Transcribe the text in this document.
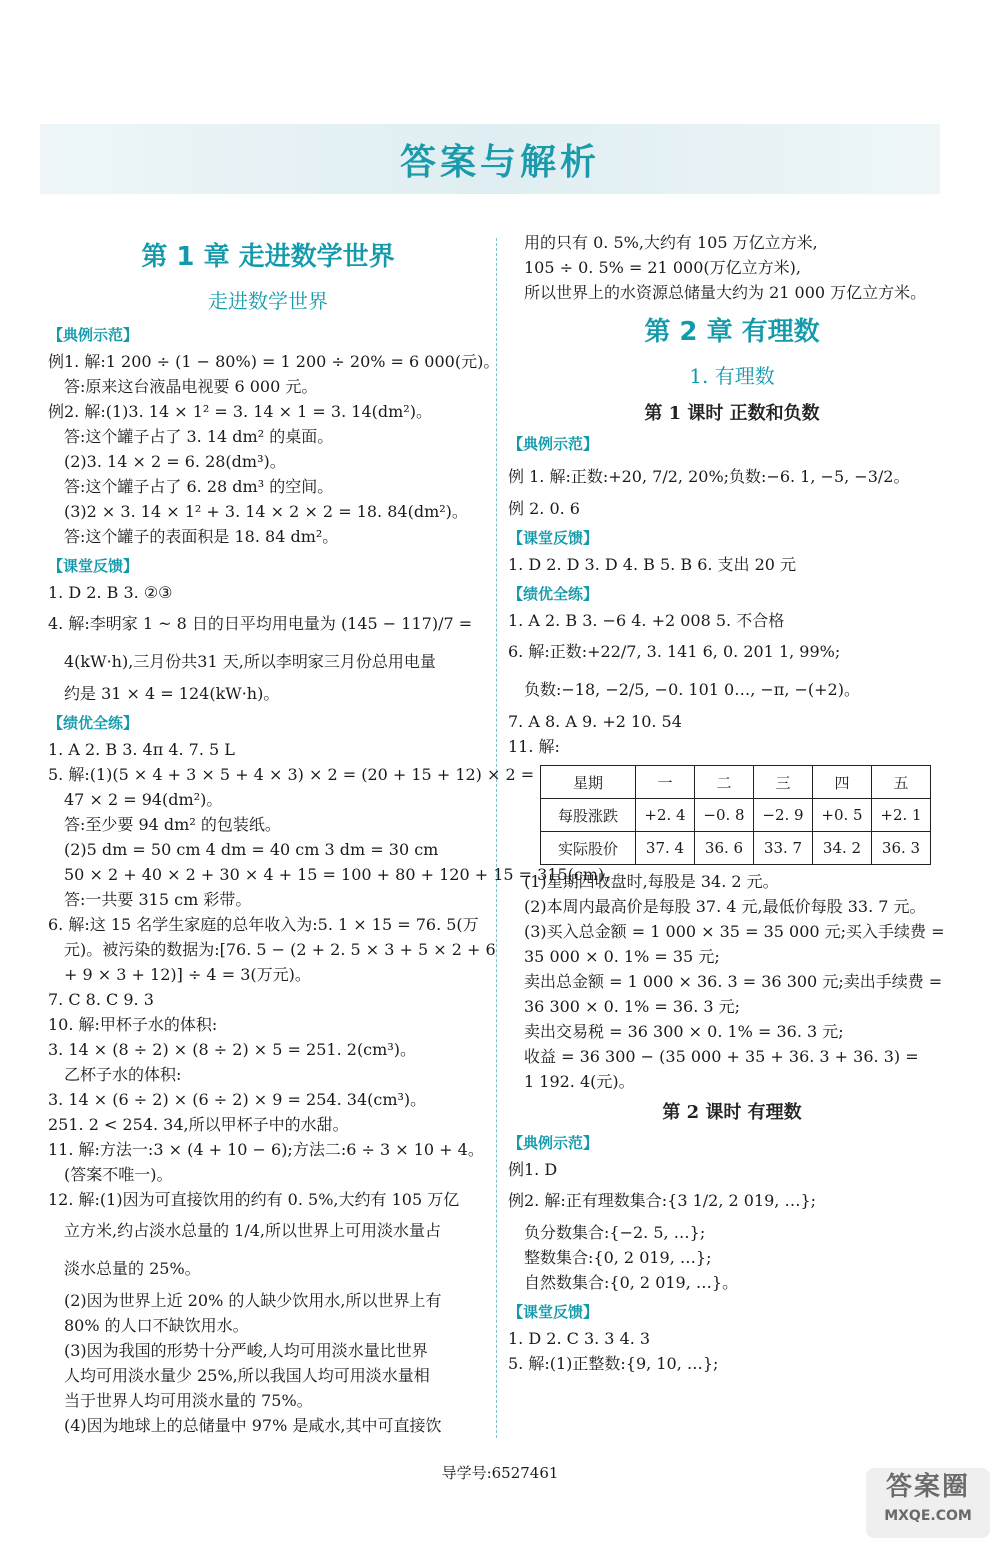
答案与解析
第 1 章 走进数学世界
走进数学世界
【典例示范】
例1. 解:1 200 ÷ (1 − 80%) = 1 200 ÷ 20% = 6 000(元)。
答:原来这台液晶电视要 6 000 元。
例2. 解:(1)3. 14 × 1² = 3. 14 × 1 = 3. 14(dm²)。
答:这个罐子占了 3. 14 dm² 的桌面。
(2)3. 14 × 2 = 6. 28(dm³)。
答:这个罐子占了 6. 28 dm³ 的空间。
(3)2 × 3. 14 × 1² + 3. 14 × 2 × 2 = 18. 84(dm²)。
答:这个罐子的表面积是 18. 84 dm²。
【课堂反馈】
1. D 2. B 3. ②③
4. 解:李明家 1 ~ 8 日的日平均用电量为 (145 − 117)/7 =
4(kW·h),三月份共31 天,所以李明家三月份总用电量
约是 31 × 4 = 124(kW·h)。
【绩优全练】
1. A 2. B 3. 4π 4. 7. 5 L
5. 解:(1)(5 × 4 + 3 × 5 + 4 × 3) × 2 = (20 + 15 + 12) × 2 =
47 × 2 = 94(dm²)。
答:至少要 94 dm² 的包装纸。
(2)5 dm = 50 cm 4 dm = 40 cm 3 dm = 30 cm
50 × 2 + 40 × 2 + 30 × 4 + 15 = 100 + 80 + 120 + 15 = 315(cm)。
答:一共要 315 cm 彩带。
6. 解:这 15 名学生家庭的总年收入为:5. 1 × 15 = 76. 5(万
元)。被污染的数据为:[76. 5 − (2 + 2. 5 × 3 + 5 × 2 + 6
+ 9 × 3 + 12)] ÷ 4 = 3(万元)。
7. C 8. C 9. 3
10. 解:甲杯子水的体积:
3. 14 × (8 ÷ 2) × (8 ÷ 2) × 5 = 251. 2(cm³)。
乙杯子水的体积:
3. 14 × (6 ÷ 2) × (6 ÷ 2) × 9 = 254. 34(cm³)。
251. 2 < 254. 34,所以甲杯子中的水甜。
11. 解:方法一:3 × (4 + 10 − 6);方法二:6 ÷ 3 × 10 + 4。
(答案不唯一)。
12. 解:(1)因为可直接饮用的约有 0. 5%,大约有 105 万亿
立方米,约占淡水总量的 1/4,所以世界上可用淡水量占
淡水总量的 25%。
(2)因为世界上近 20% 的人缺少饮用水,所以世界上有
80% 的人口不缺饮用水。
(3)因为我国的形势十分严峻,人均可用淡水量比世界
人均可用淡水量少 25%,所以我国人均可用淡水量相
当于世界人均可用淡水量的 75%。
(4)因为地球上的总储量中 97% 是咸水,其中可直接饮
用的只有 0. 5%,大约有 105 万亿立方米,
105 ÷ 0. 5% = 21 000(万亿立方米),
所以世界上的水资源总储量大约为 21 000 万亿立方米。
第 2 章 有理数
1. 有理数
第 1 课时 正数和负数
【典例示范】
例 1. 解:正数:+20, 7/2, 20%;负数:−6. 1, −5, −3/2。
例 2. 0. 6
【课堂反馈】
1. D 2. D 3. D 4. B 5. B 6. 支出 20 元
【绩优全练】
1. A 2. B 3. −6 4. +2 008 5. 不合格
6. 解:正数:+22/7, 3. 141 6, 0. 201 1, 99%;
负数:−18, −2/5, −0. 101 0…, −π, −(+2)。
7. A 8. A 9. +2 10. 54
11. 解:
星期	一	二	三	四	五
每股涨跌	+2. 4	−0. 8	−2. 9	+0. 5	+2. 1
实际股价	37. 4	36. 6	33. 7	34. 2	36. 3
(1)星期四收盘时,每股是 34. 2 元。
(2)本周内最高价是每股 37. 4 元,最低价每股 33. 7 元。
(3)买入总金额 = 1 000 × 35 = 35 000 元;买入手续费 =
35 000 × 0. 1% = 35 元;
卖出总金额 = 1 000 × 36. 3 = 36 300 元;卖出手续费 =
36 300 × 0. 1% = 36. 3 元;
卖出交易税 = 36 300 × 0. 1% = 36. 3 元;
收益 = 36 300 − (35 000 + 35 + 36. 3 + 36. 3) =
1 192. 4(元)。
第 2 课时 有理数
【典例示范】
例1. D
例2. 解:正有理数集合:{3 1/2, 2 019, …};
负分数集合:{−2. 5, …};
整数集合:{0, 2 019, …};
自然数集合:{0, 2 019, …}。
【课堂反馈】
1. D 2. C 3. 3 4. 3
5. 解:(1)正整数:{9, 10, …};
导学号:6527461	答案圈
MXQE.COM
